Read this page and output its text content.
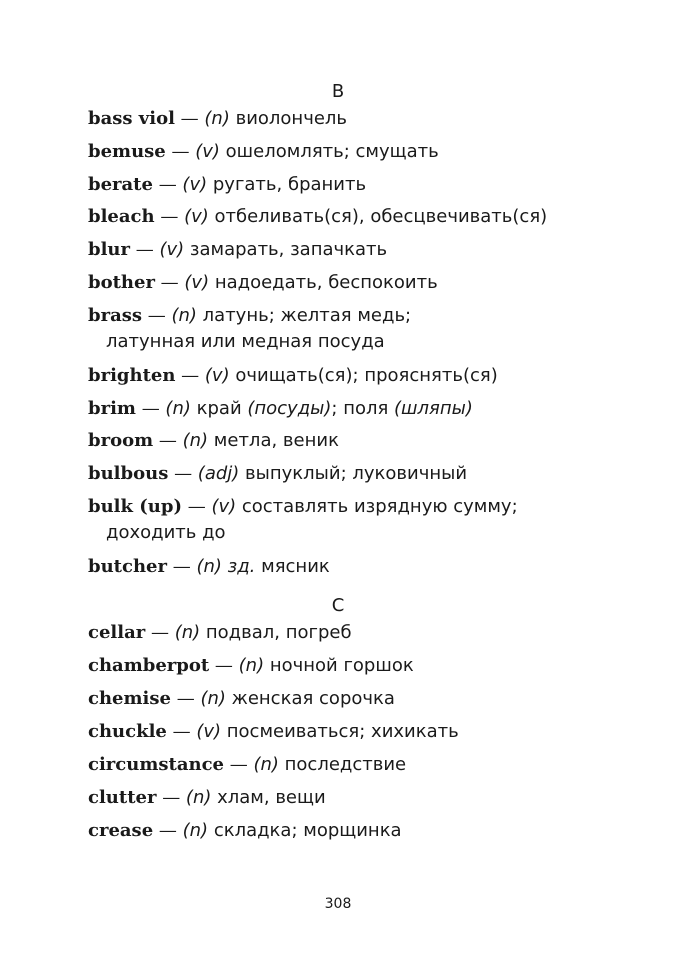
B
bass viol — (n) виолончель
bemuse — (v) ошеломлять; смущать
berate — (v) ругать, бранить
bleach — (v) отбеливать(ся), обесцвечивать(ся)
blur — (v) замарать, запачкать
bother — (v) надоедать, беспокоить
brass — (n) латунь; желтая медь;
латунная или медная посуда
brighten — (v) очищать(ся); прояснять(ся)
brim — (n) край (посуды); поля (шляпы)
broom — (n) метла, веник
bulbous — (adj) выпуклый; луковичный
bulk (up) — (v) составлять изрядную сумму;
доходить до
butcher — (n) зд. мясник
C
cellar — (n) подвал, погреб
chamberpot — (n) ночной горшок
chemise — (n) женская сорочка
chuckle — (v) посмеиваться; хихикать
circumstance — (n) последствие
clutter — (n) хлам, вещи
crease — (n) складка; морщинка
308
